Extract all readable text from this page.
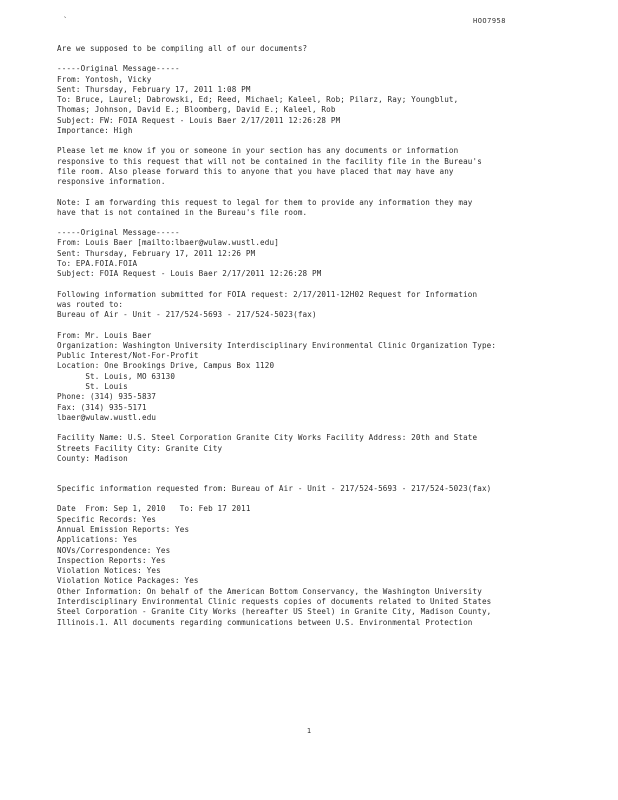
`	HOO7958

Are we supposed to be compiling all of our documents?

-----Original Message-----

From: Yontosh, Vicky

Sent: Thursday, February 17, 2011 1:08 PM

To: Bruce, Laurel; Dabrowski, Ed; Reed, Michael; Kaleel, Rob; Pilarz, Ray; Youngblut,

Thomas; Johnson, David E.; Bloomberg, David E.; Kaleel, Rob

Subject: FW: FOIA Request - Louis Baer 2/17/2011 12:26:28 PM

Importance: High

Please let me know if you or someone in your section has any documents or information

responsive to this request that will not be contained in the facility file in the Bureau's

file room. Also please forward this to anyone that you have placed that may have any

responsive information.

Note: I am forwarding this request to legal for them to provide any information they may

have that is not contained in the Bureau's file room.

-----Original Message-----

From: Louis Baer [mailto:lbaer@wulaw.wustl.edu]

Sent: Thursday, February 17, 2011 12:26 PM

To: EPA.FOIA.FOIA

Subject: FOIA Request - Louis Baer 2/17/2011 12:26:28 PM

Following information submitted for FOIA request: 2/17/2011-12H02 Request for Information

was routed to:

Bureau of Air - Unit - 217/524-5693 - 217/524-5023(fax)

From: Mr. Louis Baer

Organization: Washington University Interdisciplinary Environmental Clinic Organization Type:

Public Interest/Not-For-Profit

Location: One Brookings Drive, Campus Box 1120

St. Louis, MO 63130

St. Louis

Phone: (314) 935-5837

Fax: (314) 935-5171

lbaer@wulaw.wustl.edu

Facility Name: U.S. Steel Corporation Granite City Works Facility Address: 20th and State

Streets Facility City: Granite City

County: Madison

Specific information requested from: Bureau of Air - Unit - 217/524-5693 - 217/524-5023(fax)

Date  From: Sep 1, 2010   To: Feb 17 2011

Specific Records: Yes

Annual Emission Reports: Yes

Applications: Yes

NOVs/Correspondence: Yes

Inspection Reports: Yes

Violation Notices: Yes

Violation Notice Packages: Yes

Other Information: On behalf of the American Bottom Conservancy, the Washington University

Interdisciplinary Environmental Clinic requests copies of documents related to United States

Steel Corporation - Granite City Works (hereafter US Steel) in Granite City, Madison County,

Illinois.1. All documents regarding communications between U.S. Environmental Protection

1
